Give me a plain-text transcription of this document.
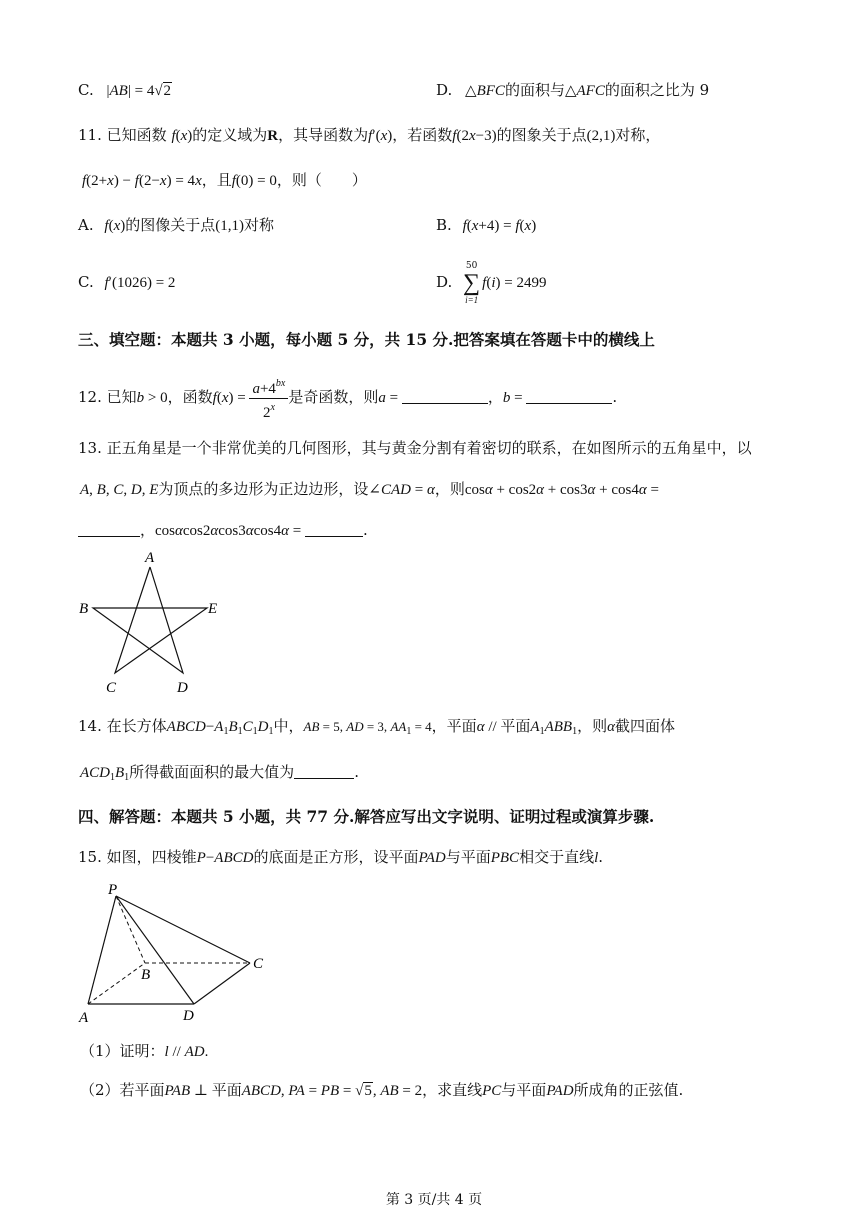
C. |AB| = 4√2	D. △BFC的面积与△AFC的面积之比为 9
11. 已知函数 f(x)的定义域为R，其导函数为f′(x)，若函数f(2x−3)的图象关于点(2,1)对称，
f(2+x) − f(2−x) = 4x，且f(0) = 0，则（　　）
A. f(x)的图像关于点(1,1)对称	B. f(x+4) = f(x)
C. f′(1026) = 2	D.
50
∑
i=1
f(i) = 2499
三、填空题：本题共 3 小题，每小题 5 分，共 15 分.把答案填在答题卡中的横线上
12. 已知b > 0，函数$f(x) = \frac{a+4^{bx}}{2^x}$ 是奇函数，则a =	，b =	.
13. 正五角星是一个非常优美的几何图形，其与黄金分割有着密切的联系，在如图所示的五角星中，以
A, B, C, D, E为顶点的多边形为正边边形，设∠CAD = α，则cosα + cos2α + cos3α + cos4α =
，cosαcos2αcos3αcos4α =	.
A
B	E
C	D
14. 在长方体$ABCD-A_1B_1C_1D_1$中，AB = 5, AD = 3, $AA_1 = 4$，平面α // 平面$A_1ABB_1$，则α截四面体
$ACD_1B_1$所得截面面积的最大值为	.
四、解答题：本题共 5 小题，共 77 分.解答应写出文字说明、证明过程或演算步骤.
15. 如图，四棱锥P−ABCD的底面是正方形，设平面PAD与平面PBC相交于直线l.
P
B
C
A	D
（1）证明：l // AD.
（2）若平面PAB ⊥ 平面ABCD, PA = PB = √5, AB = 2，求直线PC与平面PAD所成角的正弦值.
第 3 页/共 4 页
